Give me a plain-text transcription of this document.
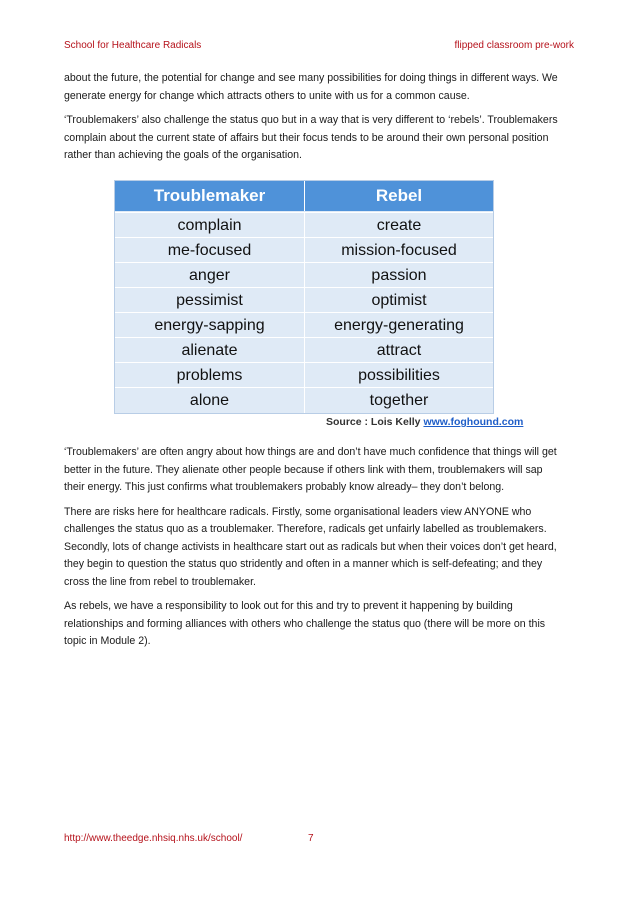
School for Healthcare Radicals	flipped classroom pre-work

about the future, the potential for change and see many possibilities for doing things in different ways. We generate energy for change which attracts others to unite with us for a common cause.

‘Troublemakers’ also challenge the status quo but in a way that is very different to ‘rebels’. Troublemakers complain about the current state of affairs but their focus tends to be around their own personal position rather than achieving the goals of the organisation.

Troublemaker	Rebel
complain	create
me-focused	mission-focused
anger	passion
pessimist	optimist
energy-sapping	energy-generating
alienate	attract
problems	possibilities
alone	together
Source : Lois Kelly www.foghound.com

‘Troublemakers’ are often angry about how things are and don’t have much confidence that things will get better in the future. They alienate other people because if others link with them, troublemakers will sap their energy. This just confirms what troublemakers probably know already– they don’t belong.

There are risks here for healthcare radicals. Firstly, some organisational leaders view ANYONE who challenges the status quo as a troublemaker. Therefore, radicals get unfairly labelled as troublemakers. Secondly, lots of change activists in healthcare start out as radicals but when their voices don’t get heard, they begin to question the status quo stridently and often in a manner which is self-defeating; and they cross the line from rebel to troublemaker.

As rebels, we have a responsibility to look out for this and try to prevent it happening by building relationships and forming alliances with others who challenge the status quo (there will be more on this topic in Module 2).

http://www.theedge.nhsiq.nhs.uk/school/	7
